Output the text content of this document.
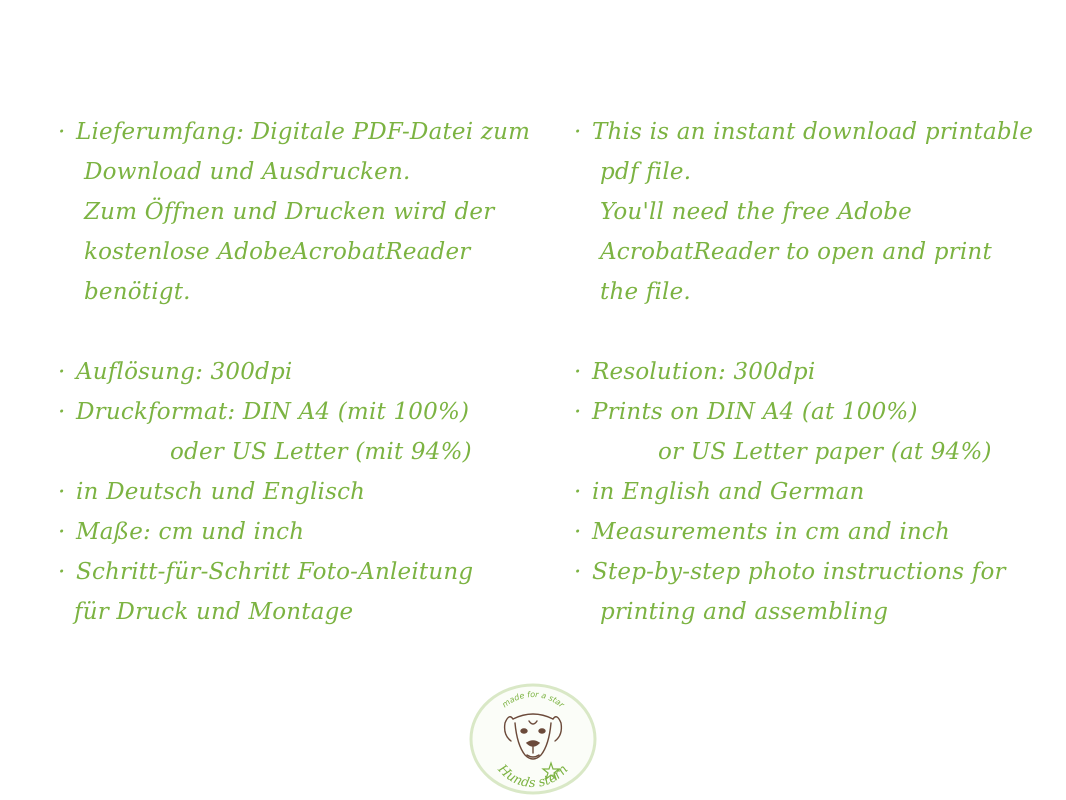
· Lieferumfang: Digitale PDF-Datei zum
Download und Ausdrucken.
Zum Öffnen und Drucken wird der
kostenlose AdobeAcrobatReader
benötigt.
· Auflösung: 300dpi
· Druckformat: DIN A4 (mit 100%)
oder US Letter (mit 94%)
· in Deutsch und Englisch
· Maße: cm und inch
· Schritt-für-Schritt Foto-Anleitung
für Druck und Montage
· This is an instant download printable
pdf file.
You'll need the free Adobe
AcrobatReader to open and print
the file.
· Resolution: 300dpi
· Prints on DIN A4 (at 100%)
or US Letter paper (at 94%)
· in English and German
· Measurements in cm and inch
· Step-by-step photo instructions for
printing and assembling
made for a star
Hunds stern
